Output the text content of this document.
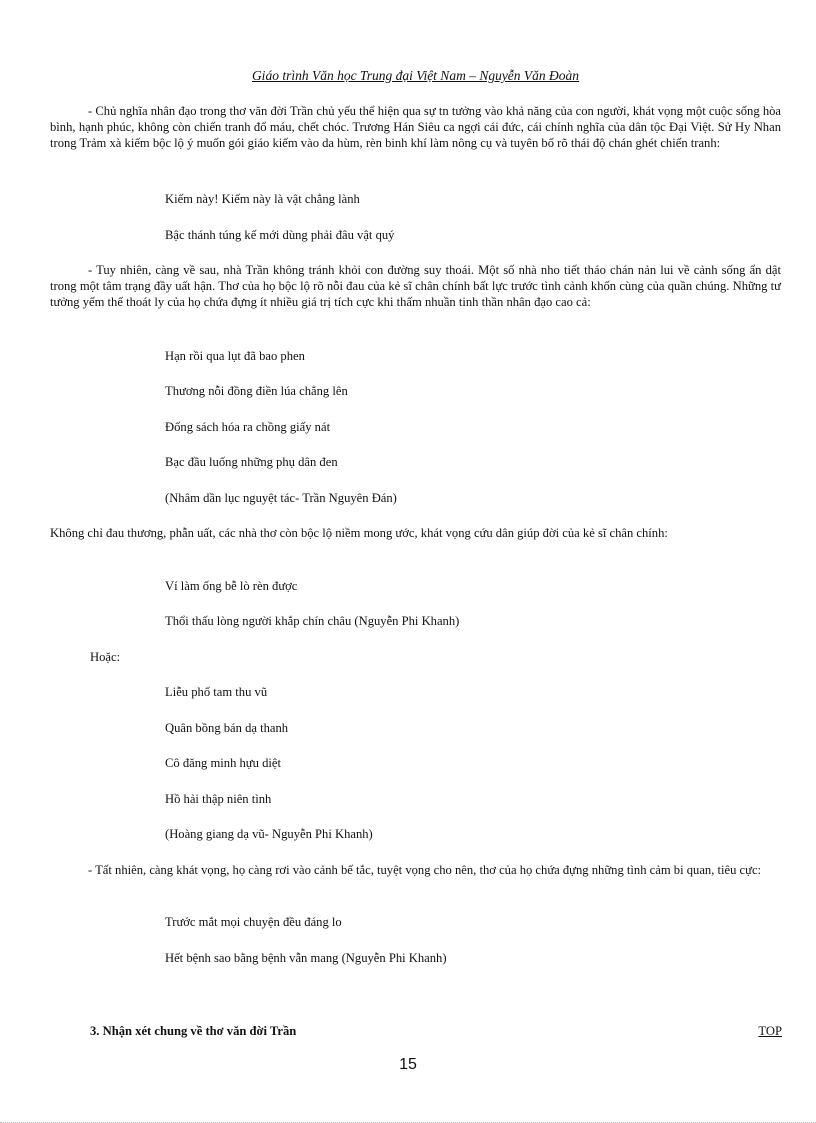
Giáo trình Văn học Trung đại Việt Nam – Nguyễn Văn Đoàn

- Chủ nghĩa nhân đạo trong thơ văn đời Trần chủ yếu thể hiện qua sự tn tưởng vào khả năng của con người, khát vọng một cuộc sống hòa bình, hạnh phúc, không còn chiến tranh đổ máu, chết chóc. Trương Hán Siêu ca ngợi cái đức, cái chính nghĩa của dân tộc Đại Việt. Sử Hy Nhan trong Trảm xà kiếm bộc lộ ý muốn gói giáo kiếm vào da hùm, rèn binh khí làm nông cụ và tuyên bố rõ thái độ chán ghét chiến tranh:

Kiếm này! Kiếm này là vật chẳng lành

Bậc thánh túng kế mới dùng phải đâu vật quý

- Tuy nhiên, càng về sau, nhà Trần không tránh khỏi con đường suy thoái. Một số nhà nho tiết tháo chán nản lui về cảnh sống ẩn dật trong một tâm trạng đầy uất hận. Thơ của họ bộc lộ rõ nỗi đau của kẻ sĩ chân chính bất lực trước tình cảnh khốn cùng của quần chúng. Những tư tưởng yếm thế thoát ly của họ chứa đựng ít nhiều giá trị tích cực khi thấm nhuần tinh thần nhân đạo cao cả:

Hạn rồi qua lụt đã bao phen

Thương nỗi đồng điền lúa chẳng lên

Đống sách hóa ra chồng giấy nát

Bạc đầu luống những phụ dân đen

(Nhâm dần lục nguyệt tác- Trần Nguyên Đán)

Không chỉ đau thương, phẫn uất, các nhà thơ còn bộc lộ niềm mong ước, khát vọng cứu dân giúp đời của kẻ sĩ chân chính:

Ví làm ống bễ lò rèn được

Thổi thấu lòng người khắp chín châu (Nguyễn Phi Khanh)

Hoặc:

Liễu phố tam thu vũ

Quân bồng bán dạ thanh

Cô đăng minh hựu diệt

Hồ hải thập niên tình

(Hoàng giang dạ vũ- Nguyễn Phi Khanh)

- Tất nhiên, càng khát vọng, họ càng rơi vào cảnh bế tắc, tuyệt vọng cho nên, thơ của họ chứa đựng những tình cảm bi quan, tiêu cực:

Trước mắt mọi chuyện đều đáng lo

Hết bệnh sao bằng bệnh vẫn mang (Nguyễn Phi Khanh)

3. Nhận xét chung về thơ văn đời Trần	TOP
15
